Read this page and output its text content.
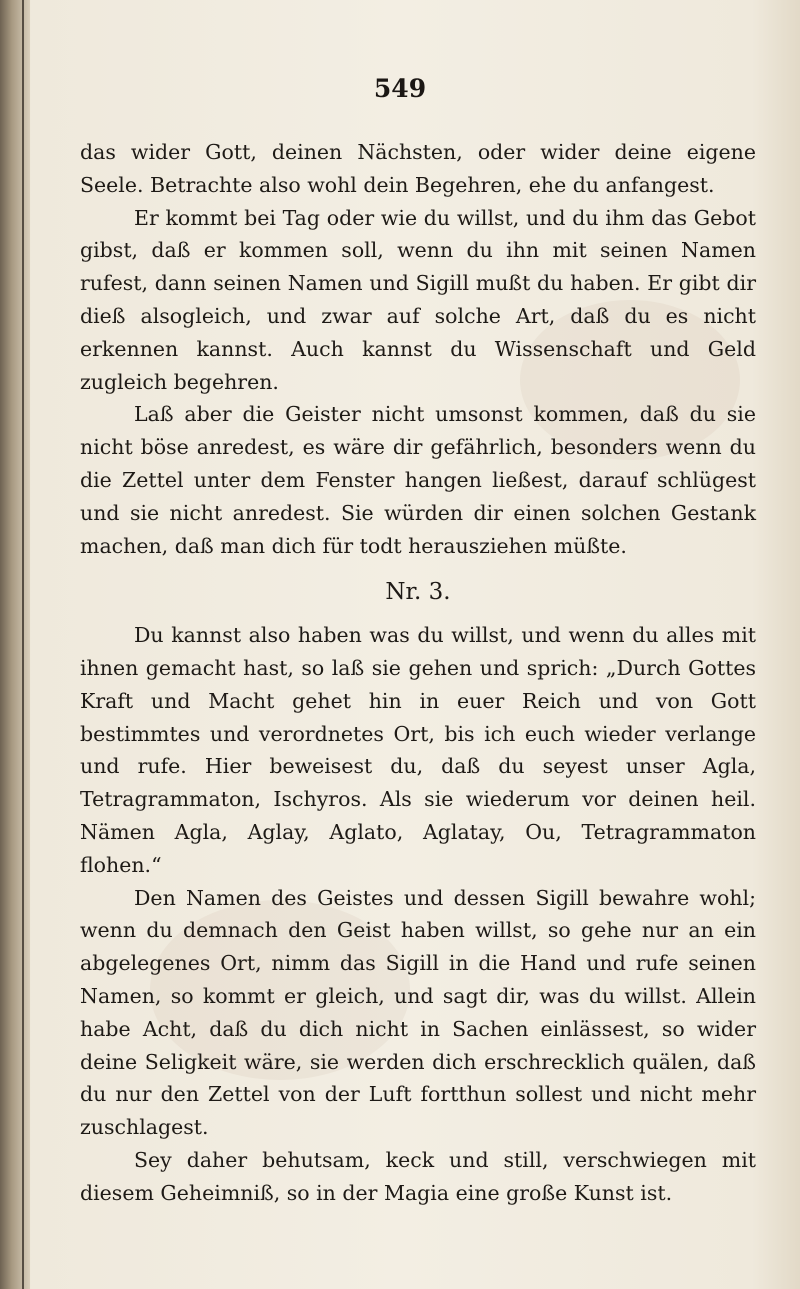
549

das wider Gott, deinen Nächsten, oder wider deine eigene Seele. Betrachte also wohl dein Begehren, ehe du anfangest.

Er kommt bei Tag oder wie du willst, und du ihm das Gebot gibst, daß er kommen soll, wenn du ihn mit seinen Namen rufest, dann seinen Namen und Sigill mußt du haben. Er gibt dir dieß alsogleich, und zwar auf solche Art, daß du es nicht erkennen kannst. Auch kannst du Wissenschaft und Geld zugleich begehren.

Laß aber die Geister nicht umsonst kommen, daß du sie nicht böse anredest, es wäre dir gefährlich, besonders wenn du die Zettel unter dem Fenster hangen ließest, darauf schlügest und sie nicht anredest. Sie würden dir einen solchen Gestank machen, daß man dich für todt herausziehen müßte.

Nr. 3.

Du kannst also haben was du willst, und wenn du alles mit ihnen gemacht hast, so laß sie gehen und sprich: „Durch Gottes Kraft und Macht gehet hin in euer Reich und von Gott bestimmtes und verordnetes Ort, bis ich euch wieder verlange und rufe. Hier beweisest du, daß du seyest unser Agla, Tetragrammaton, Ischyros. Als sie wiederum vor deinen heil. Nämen Agla, Aglay, Aglato, Aglatay, Ou, Tetragrammaton flohen.“

Den Namen des Geistes und dessen Sigill bewahre wohl; wenn du demnach den Geist haben willst, so gehe nur an ein abgelegenes Ort, nimm das Sigill in die Hand und rufe seinen Namen, so kommt er gleich, und sagt dir, was du willst. Allein habe Acht, daß du dich nicht in Sachen einlässest, so wider deine Seligkeit wäre, sie werden dich erschrecklich quälen, daß du nur den Zettel von der Luft fortthun sollest und nicht mehr zuschlagest.

Sey daher behutsam, keck und still, verschwiegen mit diesem Geheimniß, so in der Magia eine große Kunst ist.
